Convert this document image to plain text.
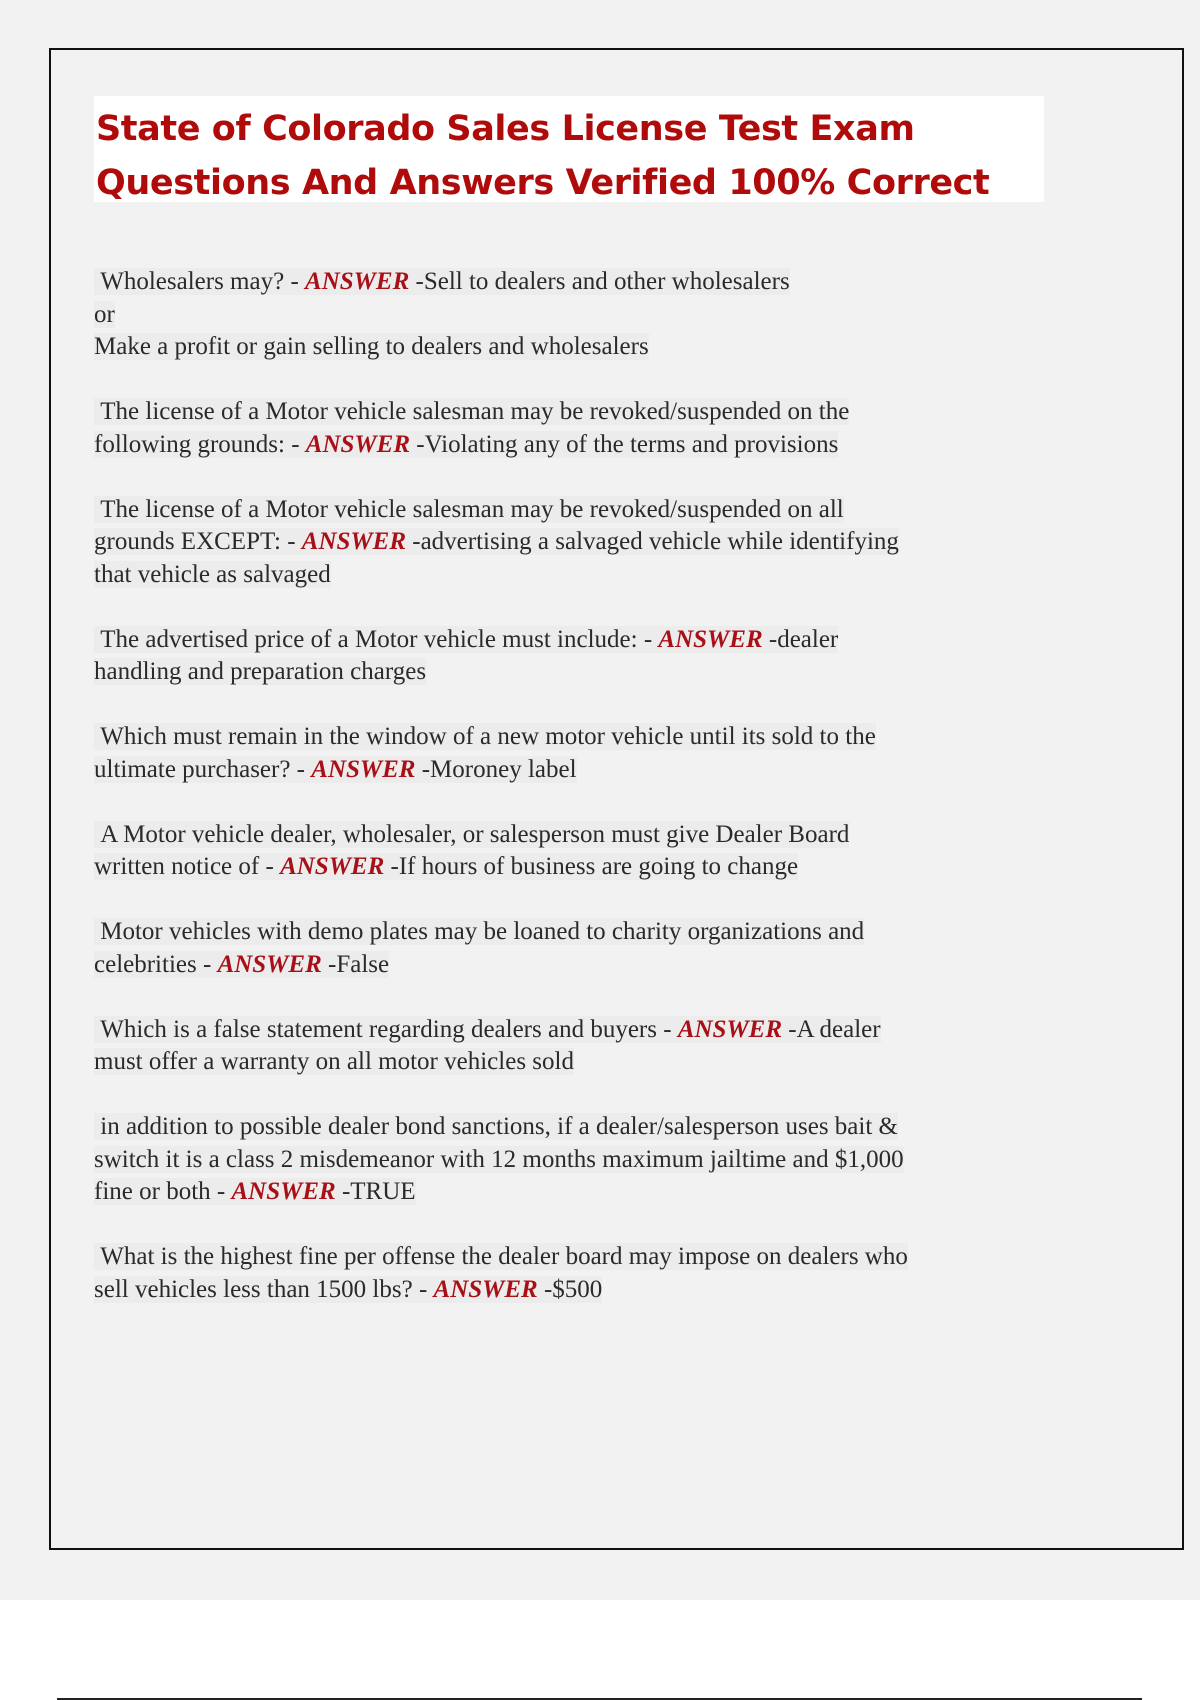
State of Colorado Sales License Test Exam
Questions And Answers Verified 100% Correct
Wholesalers may? - ANSWER -Sell to dealers and other wholesalers
or
Make a profit or gain selling to dealers and wholesalers
The license of a Motor vehicle salesman may be revoked/suspended on the
following grounds: - ANSWER -Violating any of the terms and provisions
The license of a Motor vehicle salesman may be revoked/suspended on all
grounds EXCEPT: - ANSWER -advertising a salvaged vehicle while identifying
that vehicle as salvaged
The advertised price of a Motor vehicle must include: - ANSWER -dealer
handling and preparation charges
Which must remain in the window of a new motor vehicle until its sold to the
ultimate purchaser? - ANSWER -Moroney label
A Motor vehicle dealer, wholesaler, or salesperson must give Dealer Board
written notice of - ANSWER -If hours of business are going to change
Motor vehicles with demo plates may be loaned to charity organizations and
celebrities - ANSWER -False
Which is a false statement regarding dealers and buyers - ANSWER -A dealer
must offer a warranty on all motor vehicles sold
in addition to possible dealer bond sanctions, if a dealer/salesperson uses bait &
switch it is a class 2 misdemeanor with 12 months maximum jailtime and $1,000
fine or both - ANSWER -TRUE
What is the highest fine per offense the dealer board may impose on dealers who
sell vehicles less than 1500 lbs? - ANSWER -$500
